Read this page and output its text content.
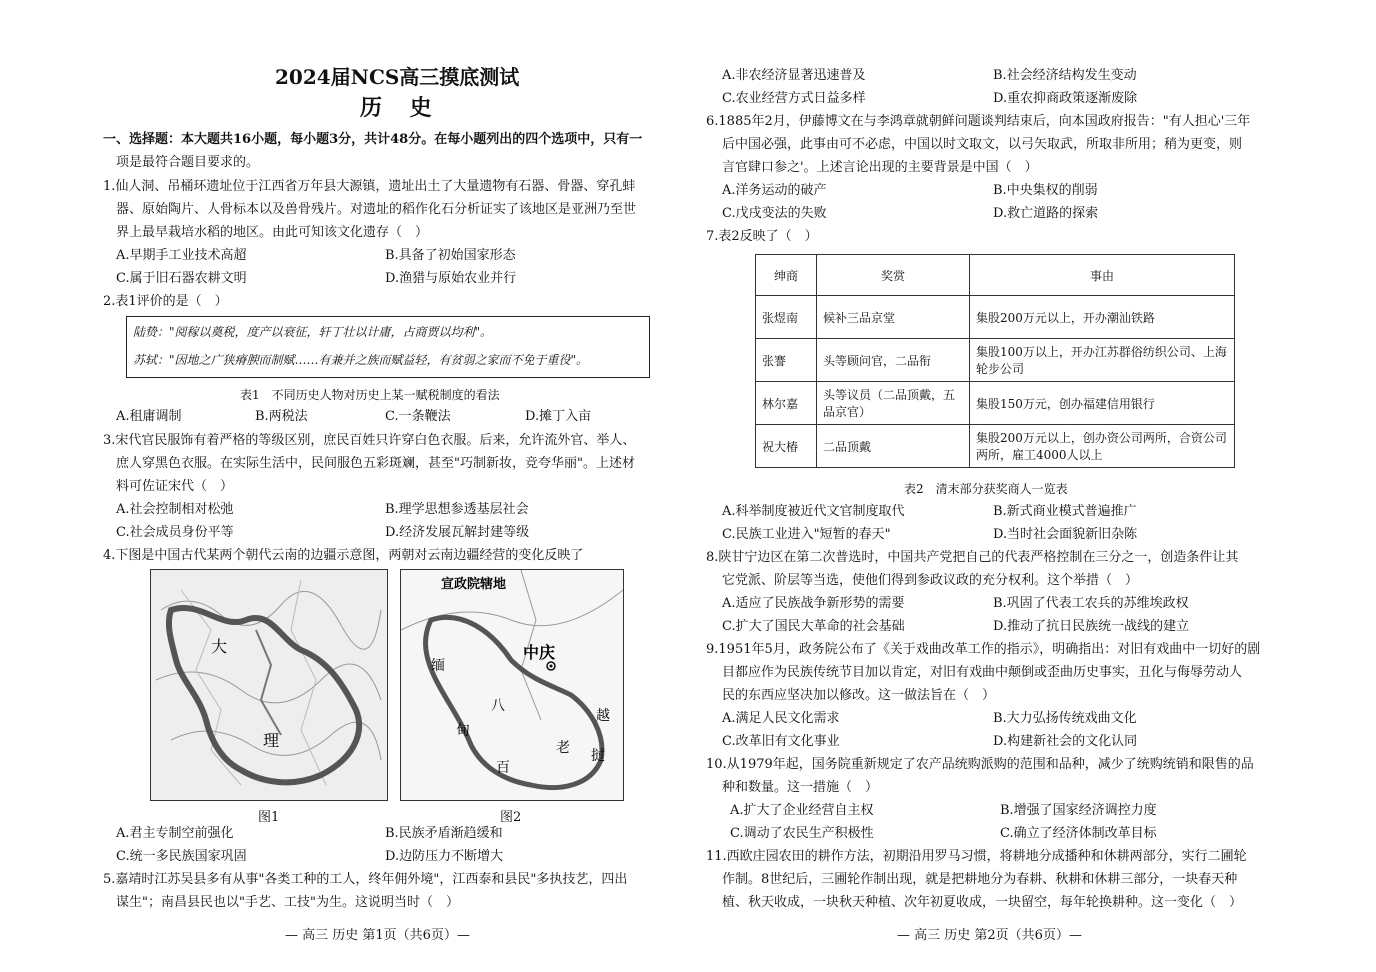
2024届NCS高三摸底测试
历 史
一、选择题：本大题共16小题，每小题3分，共计48分。在每小题列出的四个选项中，只有一
项是最符合题目要求的。
1.仙人洞、吊桶环遗址位于江西省万年县大源镇，遗址出土了大量遗物有石器、骨器、穿孔蚌
器、原始陶片、人骨标本以及兽骨残片。对遗址的稻作化石分析证实了该地区是亚洲乃至世
界上最早栽培水稻的地区。由此可知该文化遗存（　）
A.早期手工业技术高超	B.具备了初始国家形态
C.属于旧石器农耕文明	D.渔猎与原始农业并行
2.表1评价的是（　）
陆贽："阅稼以奠税，度产以衰征，轩丁壮以计庸，占商贾以均利"。
苏轼："因地之广狭瘠腴而制赋……有兼并之族而赋益轻，有贫弱之家而不免于重役"。
表1　不同历史人物对历史上某一赋税制度的看法
A.租庸调制	B.两税法	C.一条鞭法	D.摊丁入亩
3.宋代官民服饰有着严格的等级区别，庶民百姓只许穿白色衣服。后来，允许流外官、举人、
庶人穿黑色衣服。在实际生活中，民间服色五彩斑斓，甚至"巧制新妆，竞夸华丽"。上述材
料可佐证宋代（　）
A.社会控制相对松弛	B.理学思想参透基层社会
C.社会成员身份平等	D.经济发展瓦解封建等级
4.下图是中国古代某两个朝代云南的边疆示意图，两朝对云南边疆经营的变化反映了
大
理
宣政院辖地
中庆
缅
甸
八
百
老 挝
越
图1	图2
A.君主专制空前强化	B.民族矛盾渐趋缓和
C.统一多民族国家巩固	D.边防压力不断增大
5.嘉靖时江苏吴县多有从事"各类工种的工人，终年佣外境"，江西泰和县民"多执技艺，四出
谋生"；南昌县民也以"手艺、工技"为生。这说明当时（　）
— 高三 历史 第1页（共6页）—
A.非农经济显著迅速普及	B.社会经济结构发生变动
C.农业经营方式日益多样	D.重农抑商政策逐渐废除
6.1885年2月，伊藤博文在与李鸿章就朝鲜问题谈判结束后，向本国政府报告："有人担心'三年
后中国必强，此事由可不必虑，中国以时文取文，以弓矢取武，所取非所用；稍为更变，则
言官肆口参之'。上述言论出现的主要背景是中国（　）
A.洋务运动的破产	B.中央集权的削弱
C.戊戌变法的失败	D.救亡道路的探索
7.表2反映了（　）
绅商	奖赏	事由
张煜南	候补三品京堂	集股200万元以上，开办潮汕铁路
张謇	头等顾问官，二品衔	集股100万以上，开办江苏群俗纺织公司、上海轮步公司
林尔嘉	头等议员（二品顶戴，五品京官）	集股150万元，创办福建信用银行
祝大椿	二品顶戴	集股200万元以上，创办资公司两所，合资公司两所，雇工4000人以上
表2　清末部分获奖商人一览表
A.科举制度被近代文官制度取代	B.新式商业模式普遍推广
C.民族工业进入"短暂的春天"	D.当时社会面貌新旧杂陈
8.陕甘宁边区在第二次普选时，中国共产党把自己的代表严格控制在三分之一，创造条件让其
它党派、阶层等当选，使他们得到参政议政的充分权利。这个举措（　）
A.适应了民族战争新形势的需要	B.巩固了代表工农兵的苏维埃政权
C.扩大了国民大革命的社会基础	D.推动了抗日民族统一战线的建立
9.1951年5月，政务院公布了《关于戏曲改革工作的指示》，明确指出：对旧有戏曲中一切好的剧
目都应作为民族传统节目加以肯定，对旧有戏曲中颠倒或歪曲历史事实，丑化与侮辱劳动人
民的东西应坚决加以修改。这一做法旨在（　）
A.满足人民文化需求	B.大力弘扬传统戏曲文化
C.改革旧有文化事业	D.构建新社会的文化认同
10.从1979年起，国务院重新规定了农产品统购派购的范围和品种，减少了统购统销和限售的品
种和数量。这一措施（　）
A.扩大了企业经营自主权	B.增强了国家经济调控力度
C.调动了农民生产积极性	C.确立了经济体制改革目标
11.西欧庄园农田的耕作方法，初期沿用罗马习惯，将耕地分成播种和休耕两部分，实行二圃轮
作制。8世纪后，三圃轮作制出现，就是把耕地分为春耕、秋耕和休耕三部分，一块春天种
植、秋天收成，一块秋天种植、次年初夏收成，一块留空，每年轮换耕种。这一变化（　）
— 高三 历史 第2页（共6页）—
